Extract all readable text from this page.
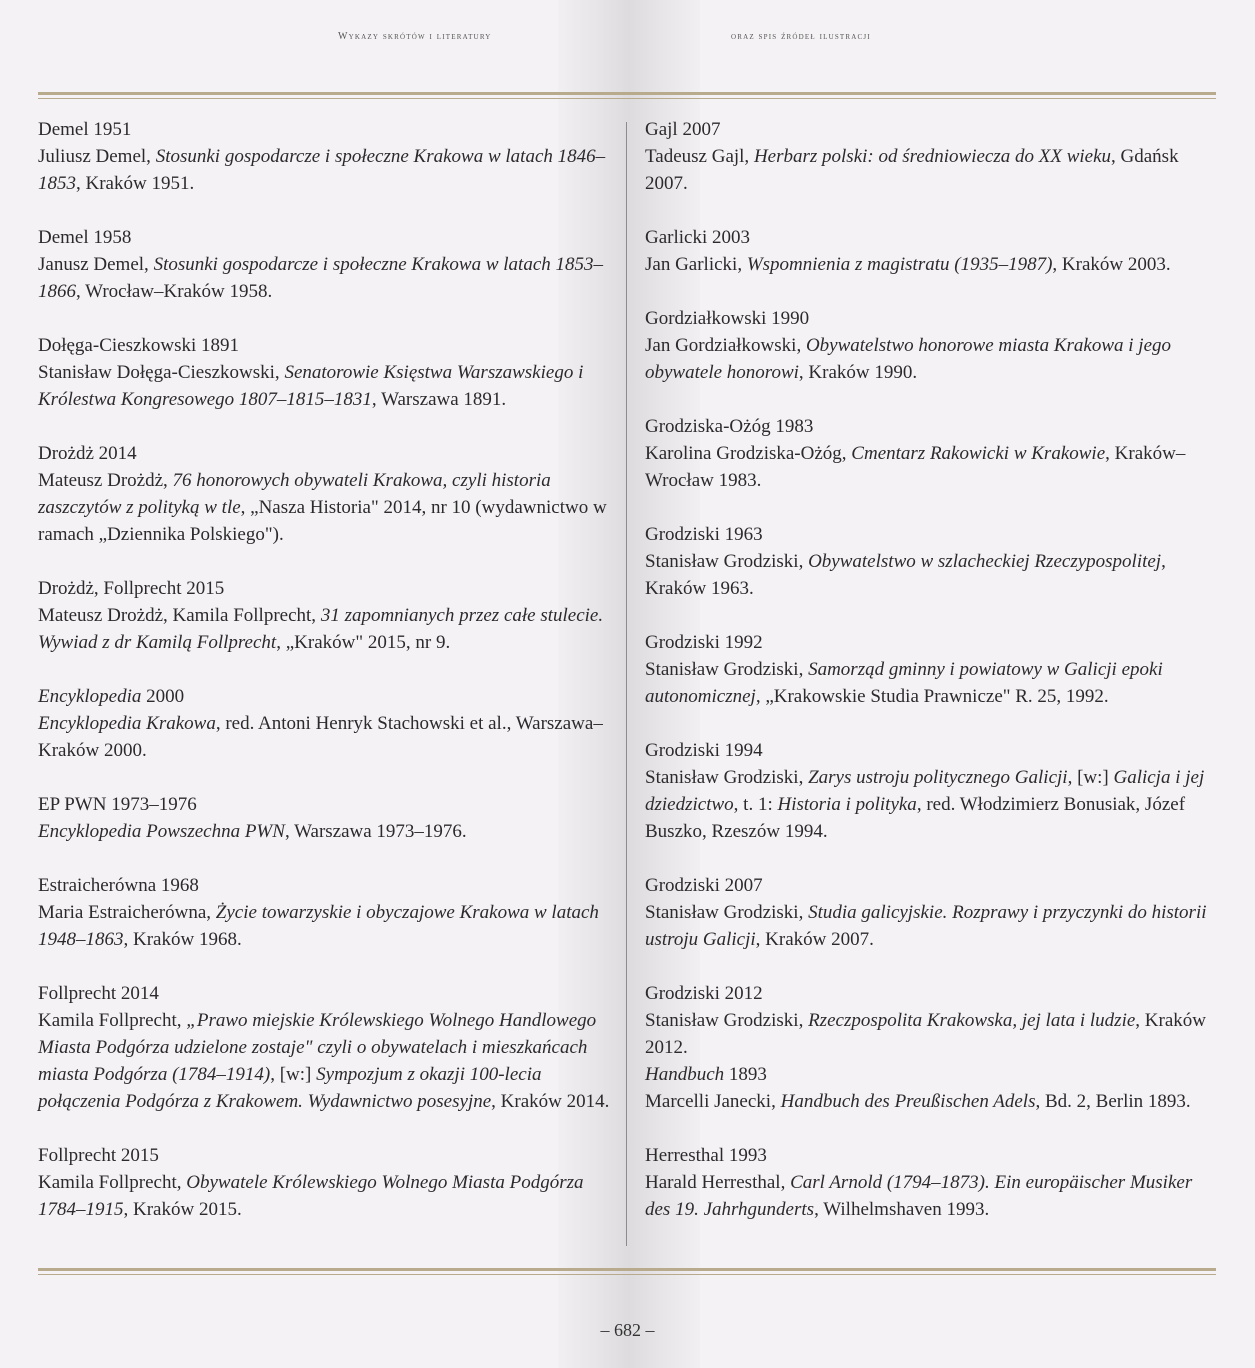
Wykazy skrótów i literatury	oraz spis źródeł ilustracji
Demel 1951
Juliusz Demel, Stosunki gospodarcze i społeczne Krakowa w latach 1846–1853, Kraków 1951.
Demel 1958
Janusz Demel, Stosunki gospodarcze i społeczne Krakowa w latach 1853–1866, Wrocław–Kraków 1958.
Dołęga-Cieszkowski 1891
Stanisław Dołęga-Cieszkowski, Senatorowie Księstwa Warszawskiego i Królestwa Kongresowego 1807–1815–1831, Warszawa 1891.
Drożdż 2014
Mateusz Drożdż, 76 honorowych obywateli Krakowa, czyli historia zaszczytów z polityką w tle, „Nasza Historia" 2014, nr 10 (wydawnictwo w ramach „Dziennika Polskiego").
Drożdż, Follprecht 2015
Mateusz Drożdż, Kamila Follprecht, 31 zapomnianych przez całe stulecie. Wywiad z dr Kamilą Follprecht, „Kraków" 2015, nr 9.
Encyklopedia 2000
Encyklopedia Krakowa, red. Antoni Henryk Stachowski et al., Warszawa–Kraków 2000.
EP PWN 1973–1976
Encyklopedia Powszechna PWN, Warszawa 1973–1976.
Estraicherówna 1968
Maria Estraicherówna, Życie towarzyskie i obyczajowe Krakowa w latach 1948–1863, Kraków 1968.
Follprecht 2014
Kamila Follprecht, „Prawo miejskie Królewskiego Wolnego Handlowego Miasta Podgórza udzielone zostaje" czyli o obywatelach i mieszkańcach miasta Podgórza (1784–1914), [w:] Sympozjum z okazji 100-lecia połączenia Podgórza z Krakowem. Wydawnictwo posesyjne, Kraków 2014.
Follprecht 2015
Kamila Follprecht, Obywatele Królewskiego Wolnego Miasta Podgórza 1784–1915, Kraków 2015.
Gajl 2007
Tadeusz Gajl, Herbarz polski: od średniowiecza do XX wieku, Gdańsk 2007.
Garlicki 2003
Jan Garlicki, Wspomnienia z magistratu (1935–1987), Kraków 2003.
Gordziałkowski 1990
Jan Gordziałkowski, Obywatelstwo honorowe miasta Krakowa i jego obywatele honorowi, Kraków 1990.
Grodziska-Ożóg 1983
Karolina Grodziska-Ożóg, Cmentarz Rakowicki w Krakowie, Kraków–Wrocław 1983.
Grodziski 1963
Stanisław Grodziski, Obywatelstwo w szlacheckiej Rzeczypospolitej, Kraków 1963.
Grodziski 1992
Stanisław Grodziski, Samorząd gminny i powiatowy w Galicji epoki autonomicznej, „Krakowskie Studia Prawnicze" R. 25, 1992.
Grodziski 1994
Stanisław Grodziski, Zarys ustroju politycznego Galicji, [w:] Galicja i jej dziedzictwo, t. 1: Historia i polityka, red. Włodzimierz Bonusiak, Józef Buszko, Rzeszów 1994.
Grodziski 2007
Stanisław Grodziski, Studia galicyjskie. Rozprawy i przyczynki do historii ustroju Galicji, Kraków 2007.
Grodziski 2012
Stanisław Grodziski, Rzeczpospolita Krakowska, jej lata i ludzie, Kraków 2012.
Handbuch 1893
Marcelli Janecki, Handbuch des Preußischen Adels, Bd. 2, Berlin 1893.
Herresthal 1993
Harald Herresthal, Carl Arnold (1794–1873). Ein europäischer Musiker des 19. Jahrhgunderts, Wilhelmshaven 1993.
– 682 –
